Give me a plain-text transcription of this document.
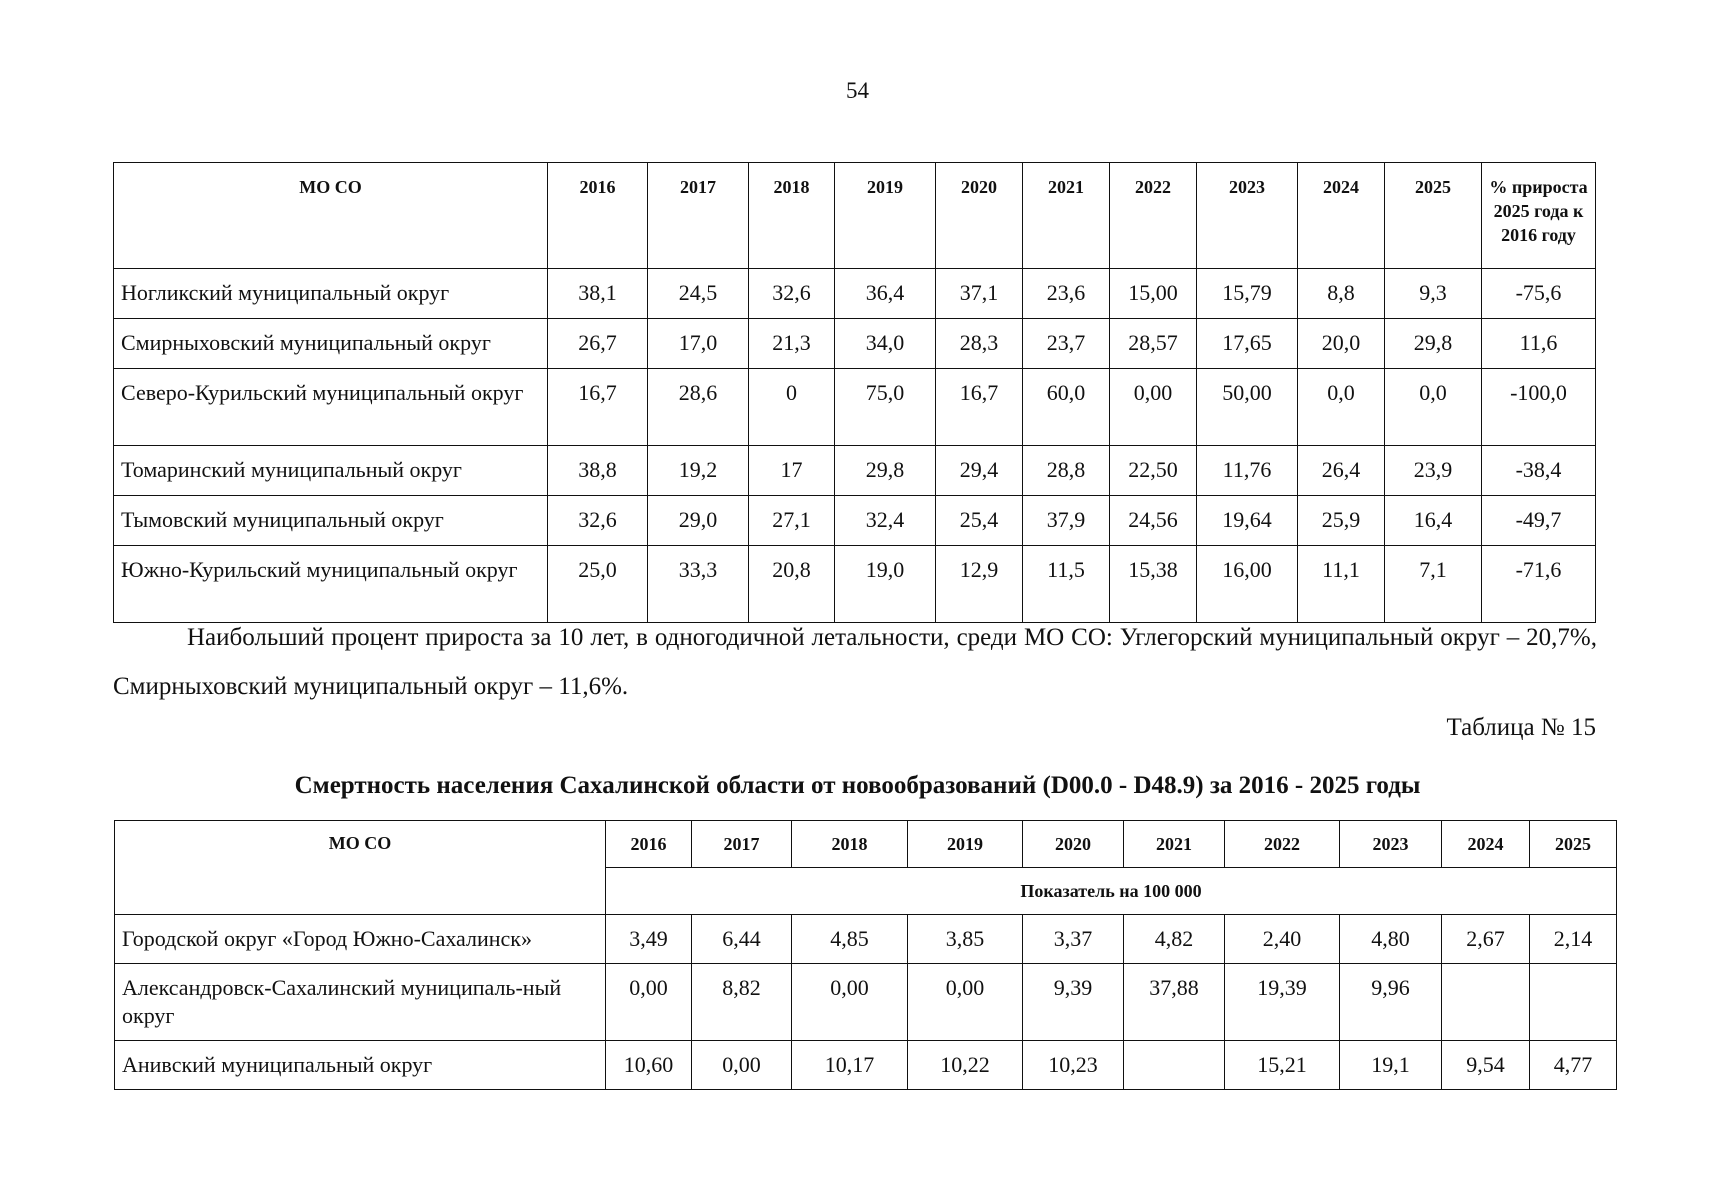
54
МО СО	2016	2017	2018	2019	2020	2021	2022	2023	2024	2025	% прироста 2025 года к 2016 году
Ногликский муниципальный округ	38,1	24,5	32,6	36,4	37,1	23,6	15,00	15,79	8,8	9,3	-75,6
Смирныховский муниципальный округ	26,7	17,0	21,3	34,0	28,3	23,7	28,57	17,65	20,0	29,8	11,6
Северо-Курильский муниципальный округ	16,7	28,6	0	75,0	16,7	60,0	0,00	50,00	0,0	0,0	-100,0
Томаринский муниципальный округ	38,8	19,2	17	29,8	29,4	28,8	22,50	11,76	26,4	23,9	-38,4
Тымовский муниципальный округ	32,6	29,0	27,1	32,4	25,4	37,9	24,56	19,64	25,9	16,4	-49,7
Южно-Курильский муниципальный округ	25,0	33,3	20,8	19,0	12,9	11,5	15,38	16,00	11,1	7,1	-71,6
Наибольший процент прироста за 10 лет, в одногодичной летальности, среди МО СО: Углегорский муниципальный округ – 20,7%, Смирныховский муниципальный округ – 11,6%.
Таблица № 15
Смертность населения Сахалинской области от новообразований (D00.0 - D48.9) за 2016 - 2025 годы
МО СО	2016	2017	2018	2019	2020	2021	2022	2023	2024	2025
	Показатель на 100 000									
Городской округ «Город Южно-Сахалинск»	3,49	6,44	4,85	3,85	3,37	4,82	2,40	4,80	2,67	2,14
Александровск-Сахалинский муниципаль-ный округ	0,00	8,82	0,00	0,00	9,39	37,88	19,39	9,96		
Анивский муниципальный округ	10,60	0,00	10,17	10,22	10,23		15,21	19,1	9,54	4,77
